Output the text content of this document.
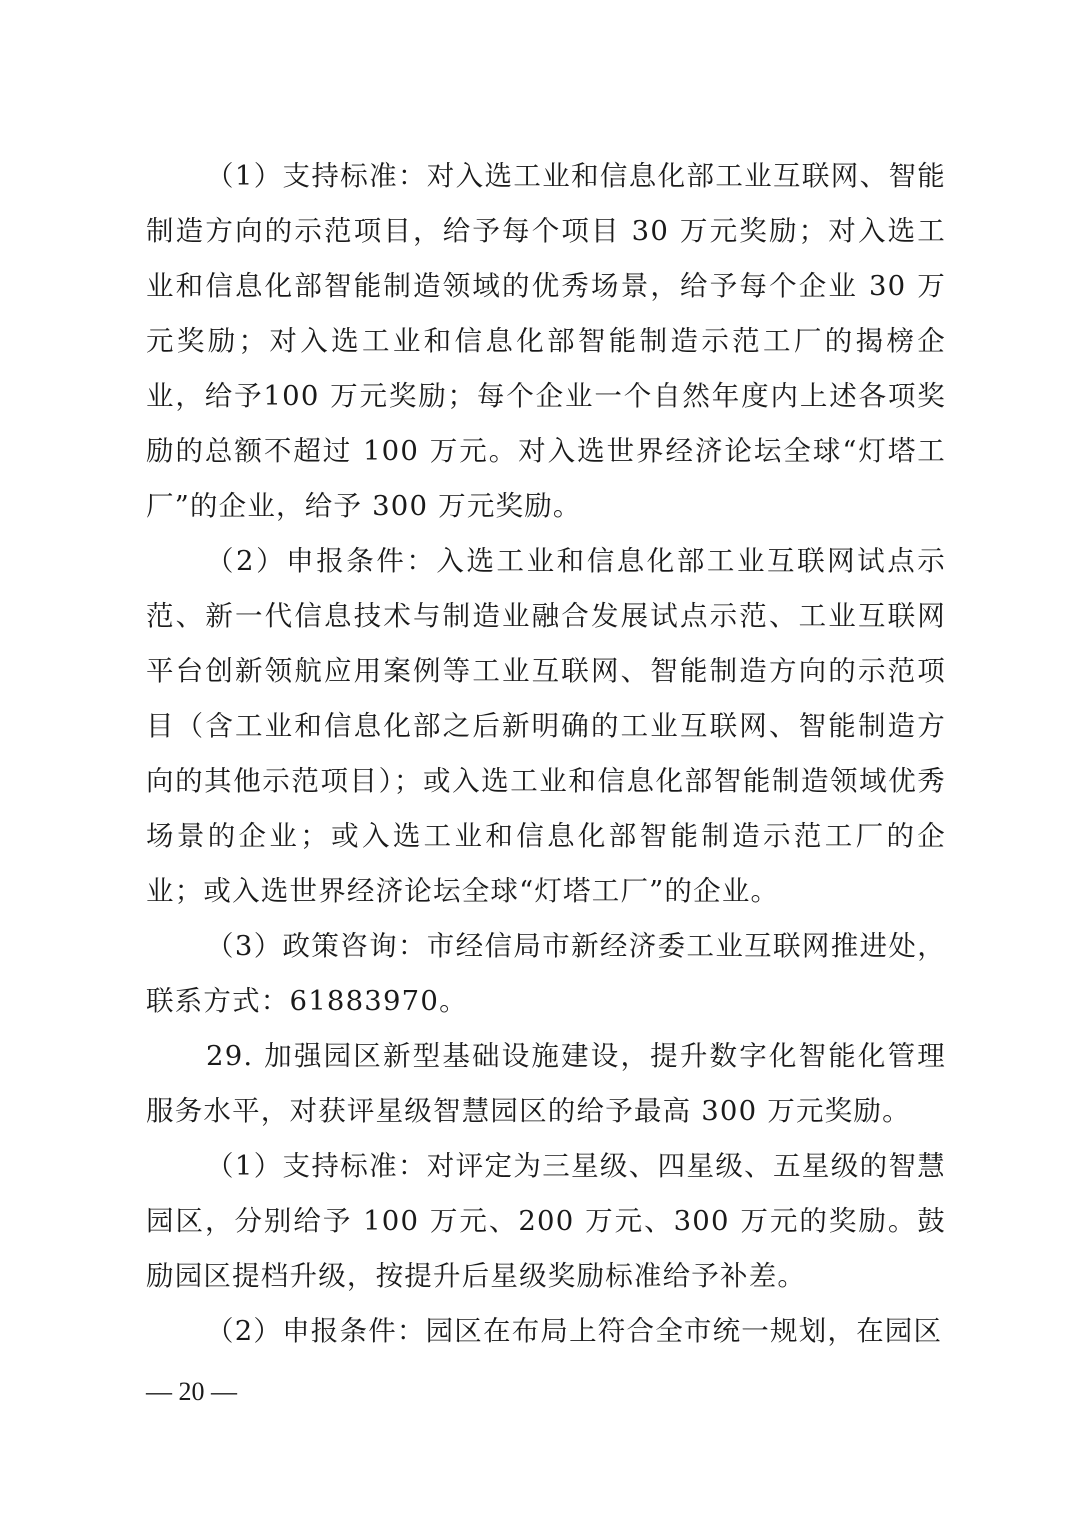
（1）支持标准：对入选工业和信息化部工业互联网、智能制造方向的示范项目，给予每个项目 30 万元奖励；对入选工业和信息化部智能制造领域的优秀场景，给予每个企业 30 万元奖励；对入选工业和信息化部智能制造示范工厂的揭榜企业，给予100 万元奖励；每个企业一个自然年度内上述各项奖励的总额不超过 100 万元。对入选世界经济论坛全球“灯塔工厂”的企业，给予 300 万元奖励。

（2）申报条件：入选工业和信息化部工业互联网试点示范、新一代信息技术与制造业融合发展试点示范、工业互联网平台创新领航应用案例等工业互联网、智能制造方向的示范项目（含工业和信息化部之后新明确的工业互联网、智能制造方向的其他示范项目）；或入选工业和信息化部智能制造领域优秀场景的企业；或入选工业和信息化部智能制造示范工厂的企业；或入选世界经济论坛全球“灯塔工厂”的企业。

（3）政策咨询：市经信局市新经济委工业互联网推进处，联系方式：61883970。

29. 加强园区新型基础设施建设，提升数字化智能化管理服务水平，对获评星级智慧园区的给予最高 300 万元奖励。

（1）支持标准：对评定为三星级、四星级、五星级的智慧园区，分别给予 100 万元、200 万元、300 万元的奖励。鼓励园区提档升级，按提升后星级奖励标准给予补差。

（2）申报条件：园区在布局上符合全市统一规划，在园区

— 20 —
